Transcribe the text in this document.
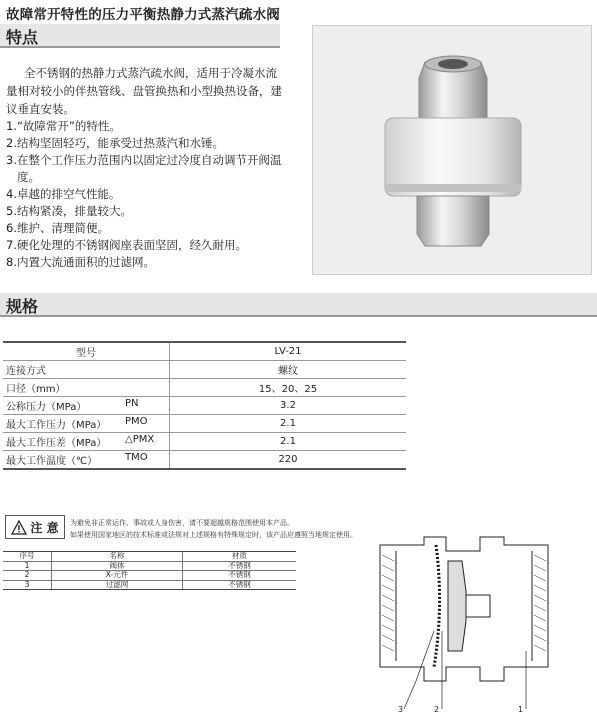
故障常开特性的压力平衡热静力式蒸汽疏水阀
特点
全不锈钢的热静力式蒸汽疏水阀，适用于冷凝水流量相对较小的伴热管线、盘管换热和小型换热设备，建议垂直安装。
1.“故障常开”的特性。
2.结构坚固轻巧，能承受过热蒸汽和水锤。
3.在整个工作压力范围内以固定过冷度自动调节开阀温度。
4.卓越的排空气性能。
5.结构紧凑，排量较大。
6.维护、清理简便。
7.硬化处理的不锈钢阀座表面坚固，经久耐用。
8.内置大流通面积的过滤网。
规格
型号	LV-21
连接方式	螺纹
口径（mm）	15、20、25
公称压力（MPa） PN	3.2
最大工作压力（MPa） PMO	2.1
最大工作压差（MPa） △PMX	2.1
最大工作温度（℃） TMO	220
注 意 为避免非正常运作、事故或人身伤害，请不要超越规格范围使用本产品。
如果使用国家地区的技术标准或法规对上述规格有特殊规定时，该产品应遵照当地规定使用。
序号	名称	材质
1	阀体	不锈钢
2	X-元件	不锈钢
3	过滤网	不锈钢
3	2	1
